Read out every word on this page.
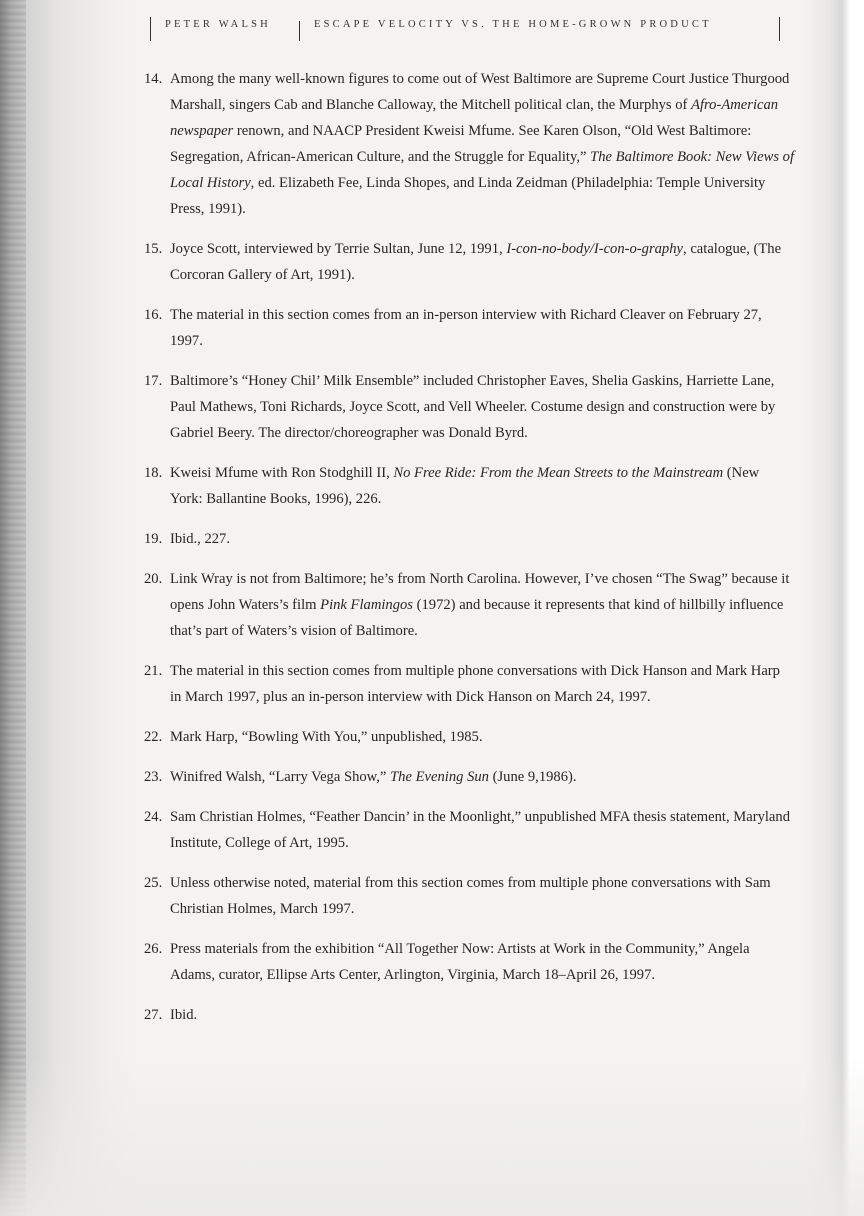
PETER WALSH	ESCAPE VELOCITY VS. THE HOME-GROWN PRODUCT
14. Among the many well-known figures to come out of West Baltimore are Supreme Court Justice Thurgood Marshall, singers Cab and Blanche Calloway, the Mitchell political clan, the Murphys of Afro-American newspaper renown, and NAACP President Kweisi Mfume. See Karen Olson, “Old West Baltimore: Segregation, African-American Culture, and the Struggle for Equality,” The Baltimore Book: New Views of Local History, ed. Elizabeth Fee, Linda Shopes, and Linda Zeidman (Philadelphia: Temple University Press, 1991).
15. Joyce Scott, interviewed by Terrie Sultan, June 12, 1991, I-con-no-body/I-con-o-graphy, catalogue, (The Corcoran Gallery of Art, 1991).
16. The material in this section comes from an in-person interview with Richard Cleaver on February 27, 1997.
17. Baltimore’s “Honey Chil’ Milk Ensemble” included Christopher Eaves, Shelia Gaskins, Harriette Lane, Paul Mathews, Toni Richards, Joyce Scott, and Vell Wheeler. Costume design and construction were by Gabriel Beery. The director/choreographer was Donald Byrd.
18. Kweisi Mfume with Ron Stodghill II, No Free Ride: From the Mean Streets to the Mainstream (New York: Ballantine Books, 1996), 226.
19. Ibid., 227.
20. Link Wray is not from Baltimore; he’s from North Carolina. However, I’ve chosen “The Swag” because it opens John Waters’s film Pink Flamingos (1972) and because it represents that kind of hillbilly influence that’s part of Waters’s vision of Baltimore.
21. The material in this section comes from multiple phone conversations with Dick Hanson and Mark Harp in March 1997, plus an in-person interview with Dick Hanson on March 24, 1997.
22. Mark Harp, “Bowling With You,” unpublished, 1985.
23. Winifred Walsh, “Larry Vega Show,” The Evening Sun (June 9,1986).
24. Sam Christian Holmes, “Feather Dancin’ in the Moonlight,” unpublished MFA thesis statement, Maryland Institute, College of Art, 1995.
25. Unless otherwise noted, material from this section comes from multiple phone conversations with Sam Christian Holmes, March 1997.
26. Press materials from the exhibition “All Together Now: Artists at Work in the Community,” Angela Adams, curator, Ellipse Arts Center, Arlington, Virginia, March 18–April 26, 1997.
27. Ibid.
